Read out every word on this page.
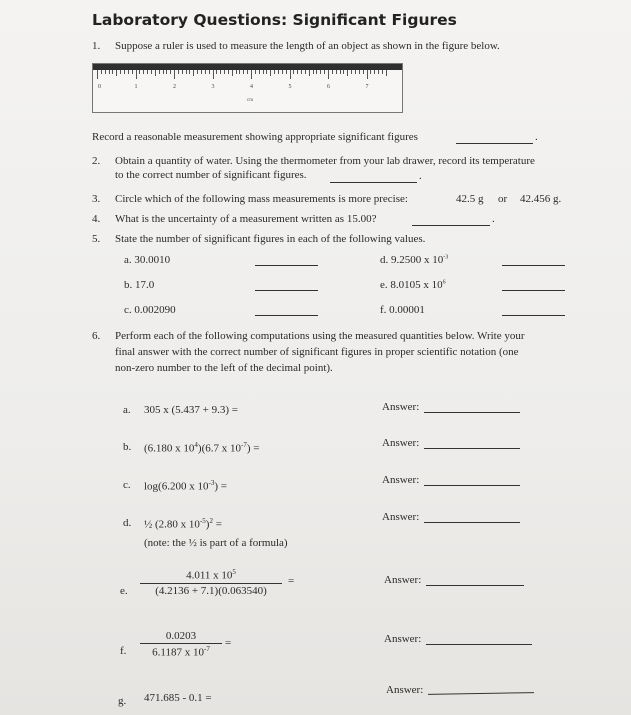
Laboratory Questions: Significant Figures
1. Suppose a ruler is used to measure the length of an object as shown in the figure below.
0	1	2	3	4	5	6	7
cm
Record a reasonable measurement showing appropriate significant figures	.
2. Obtain a quantity of water. Using the thermometer from your lab drawer, record its temperature
to the correct number of significant figures.	.
3. Circle which of the following mass measurements is more precise:	42.5 g or 42.456 g.
4. What is the uncertainty of a measurement written as 15.00?	.
5. State the number of significant figures in each of the following values.
a. 30.0010	d. 9.2500 x $10^{-3}$
b. 17.0	e. 8.0105 x $10^6$
c. 0.002090	f. 0.00001
6. Perform each of the following computations using the measured quantities below. Write your
final answer with the correct number of significant figures in proper scientific notation (one
non-zero number to the left of the decimal point).
a. 305 x (5.437 + 9.3) =	Answer:
b. (6.180 x $10^4)(6.7$ x $10^{-7}$) =	Answer:
c. log(6.200 x $10^{-3}$) =
Answer:
d. ½ (2.80 x $10^{-5})^2$ =
(note: the ½ is part of a formula)
Answer:
e. $\frac{4.011 x 10^5}{(4.2136 + 7.1)(0.063540)}$ =	Answer:
f. $\frac{0.0203}{6.1187 x 10^{-7}}$ =	Answer:
g. 471.685 - 0.1 =
Answer:
